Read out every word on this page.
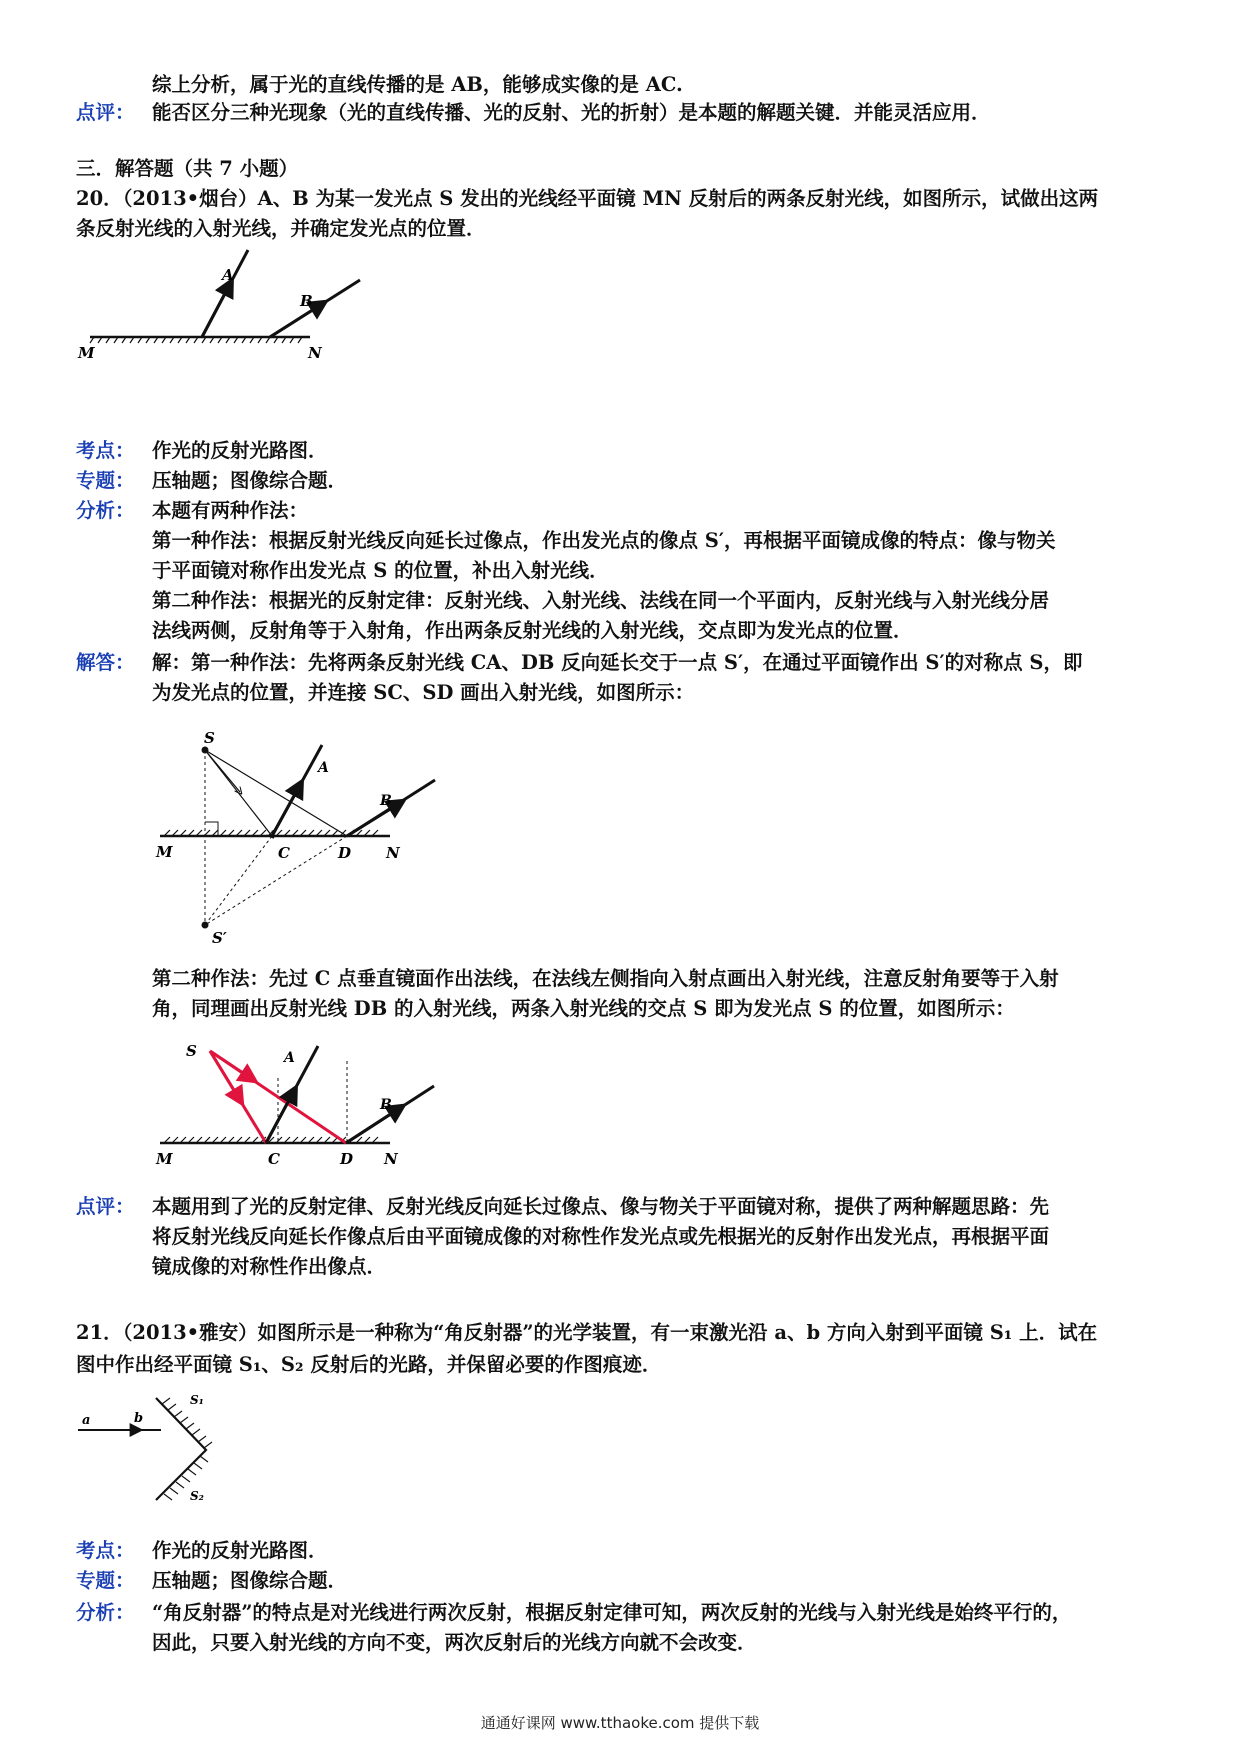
综上分析，属于光的直线传播的是 AB，能够成实像的是 AC.
点评： 能否区分三种光现象（光的直线传播、光的反射、光的折射）是本题的解题关键．并能灵活应用．
三．解答题（共 7 小题）
20．（2013•烟台）A、B 为某一发光点 S 发出的光线经平面镜 MN 反射后的两条反射光线，如图所示，试做出这两
条反射光线的入射光线，并确定发光点的位置．
A
B
M	N
考点： 作光的反射光路图．
专题： 压轴题；图像综合题．
分析： 本题有两种作法：
第一种作法：根据反射光线反向延长过像点，作出发光点的像点 S′，再根据平面镜成像的特点：像与物关
于平面镜对称作出发光点 S 的位置，补出入射光线．
第二种作法：根据光的反射定律：反射光线、入射光线、法线在同一个平面内，反射光线与入射光线分居
法线两侧，反射角等于入射角，作出两条反射光线的入射光线，交点即为发光点的位置．
解答： 解：第一种作法：先将两条反射光线 CA、DB 反向延长交于一点 S′，在通过平面镜作出 S′的对称点 S，即
为发光点的位置，并连接 SC、SD 画出入射光线，如图所示：
S
A
B
M	C	D N
S′
第二种作法：先过 C 点垂直镜面作出法线，在法线左侧指向入射点画出入射光线，注意反射角要等于入射
角，同理画出反射光线 DB 的入射光线，两条入射光线的交点 S 即为发光点 S 的位置，如图所示：
S	A
B
M	C	D N
点评： 本题用到了光的反射定律、反射光线反向延长过像点、像与物关于平面镜对称，提供了两种解题思路：先
将反射光线反向延长作像点后由平面镜成像的对称性作发光点或先根据光的反射作出发光点，再根据平面
镜成像的对称性作出像点．
21．（2013•雅安）如图所示是一种称为“角反射器”的光学装置，有一束激光沿 a、b 方向入射到平面镜 S₁ 上．试在
图中作出经平面镜 S₁、S₂ 反射后的光路，并保留必要的作图痕迹．
a	b
S₁
S₂
考点： 作光的反射光路图．
专题： 压轴题；图像综合题．
分析： “角反射器”的特点是对光线进行两次反射，根据反射定律可知，两次反射的光线与入射光线是始终平行的，
因此，只要入射光线的方向不变，两次反射后的光线方向就不会改变．
通通好课网 www.tthaoke.com 提供下载
